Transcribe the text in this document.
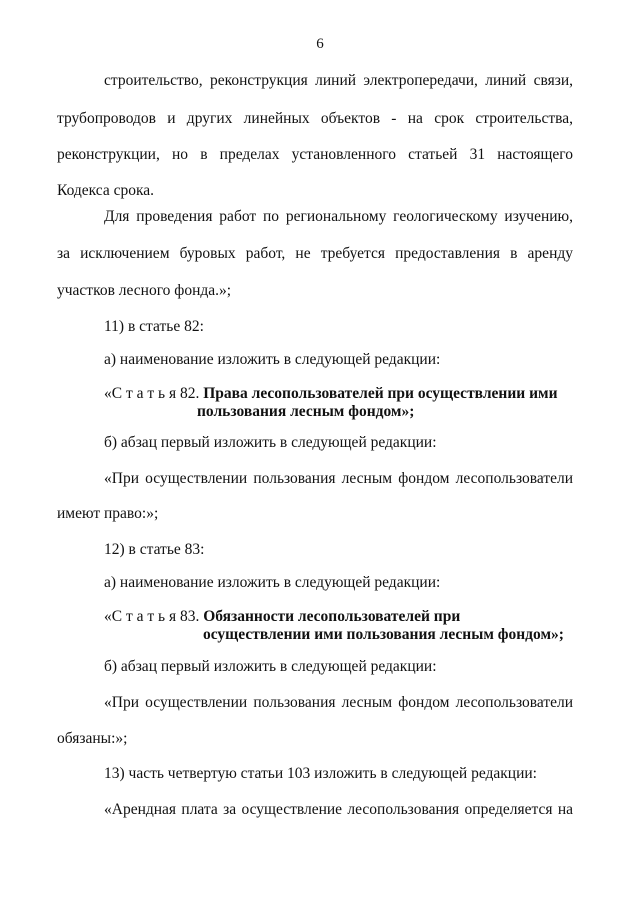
6
строительство, реконструкция линий электропередачи, линий связи,
трубопроводов и других линейных объектов - на срок строительства,
реконструкции, но в пределах установленного статьей 31 настоящего
Кодекса срока.
Для проведения работ по региональному геологическому изучению,
за исключением буровых работ, не требуется предоставления в аренду
участков лесного фонда.»;
11) в статье 82:
а) наименование изложить в следующей редакции:
«С т а т ь я 82. Права лесопользователей при осуществлении ими
пользования лесным фондом»;
б) абзац первый изложить в следующей редакции:
«При осуществлении пользования лесным фондом лесопользователи
имеют право:»;
12) в статье 83:
а) наименование изложить в следующей редакции:
«С т а т ь я 83. Обязанности лесопользователей при
осуществлении ими пользования лесным фондом»;
б) абзац первый изложить в следующей редакции:
«При осуществлении пользования лесным фондом лесопользователи
обязаны:»;
13) часть четвертую статьи 103 изложить в следующей редакции:
«Арендная плата за осуществление лесопользования определяется на
